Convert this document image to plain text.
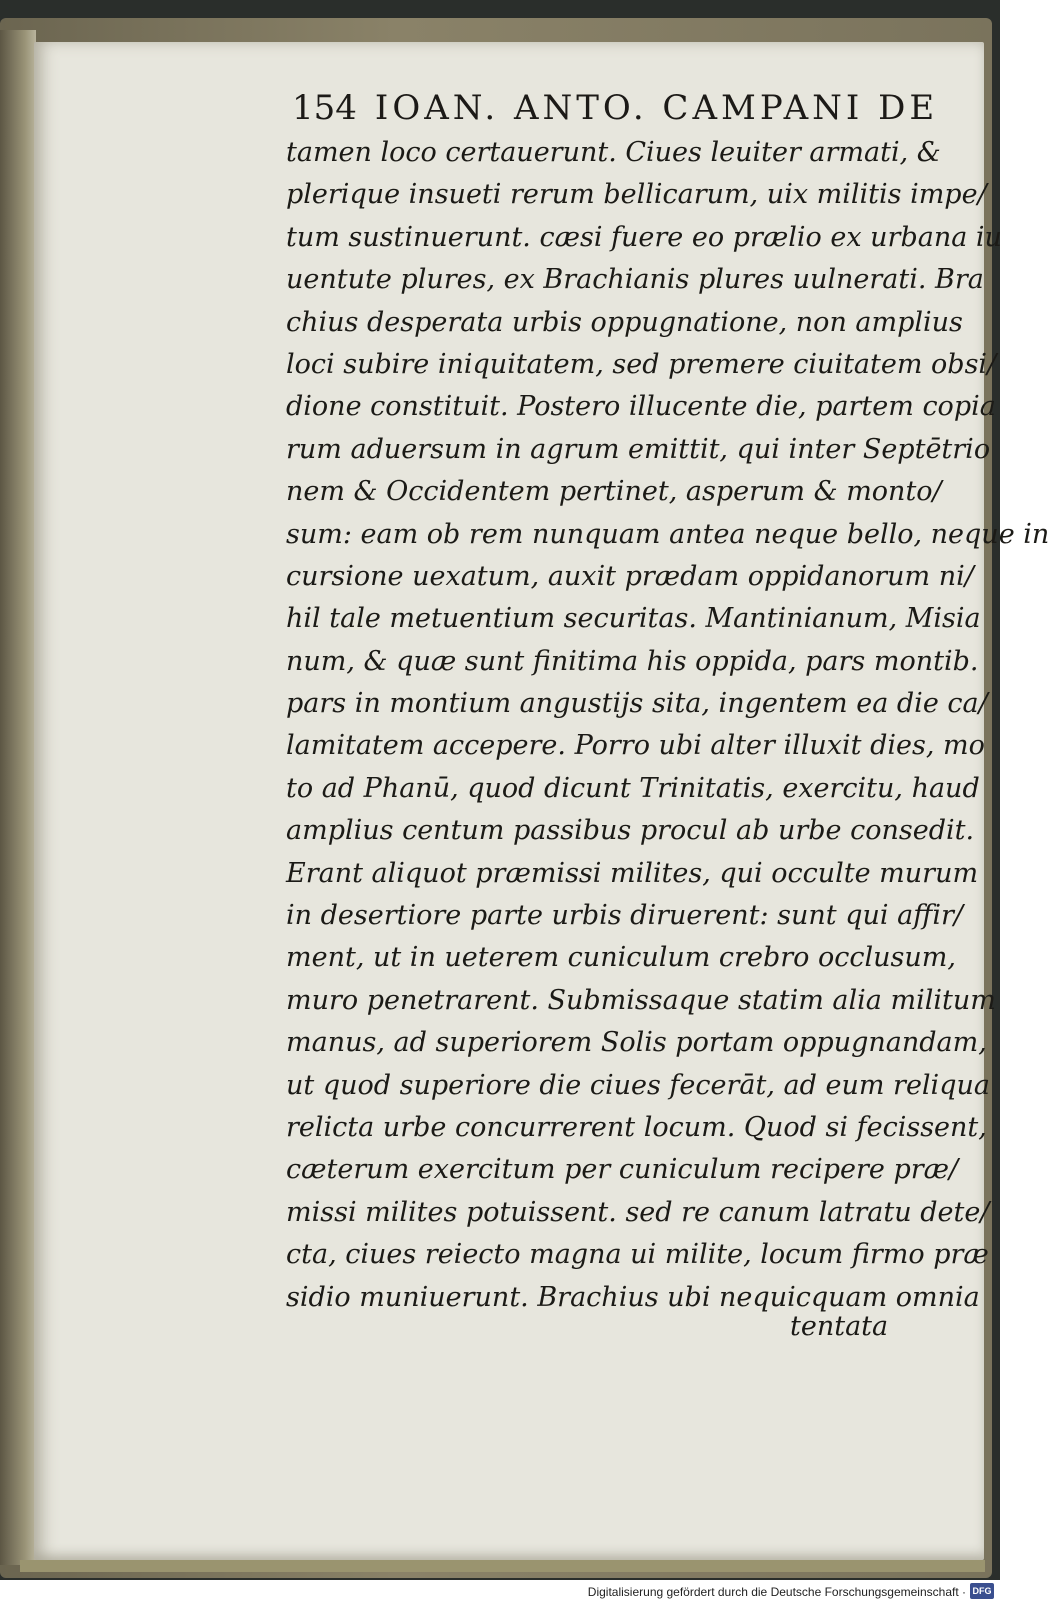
154 IOAN. ANTO. CAMPANI DE
tamen loco certauerunt. Ciues leuiter armati, &
plerique insueti rerum bellicarum, uix militis impe/
tum sustinuerunt. cæsi fuere eo prælio ex urbana iu
uentute plures, ex Brachianis plures uulnerati. Bra
chius desperata urbis oppugnatione, non amplius
loci subire iniquitatem, sed premere ciuitatem obsi/
dione constituit. Postero illucente die, partem copia
rum aduersum in agrum emittit, qui inter Septētrio
nem & Occidentem pertinet, asperum & monto/
sum: eam ob rem nunquam antea neque bello, neque in
cursione uexatum, auxit prædam oppidanorum ni/
hil tale metuentium securitas. Mantinianum, Misia
num, & quæ sunt finitima his oppida, pars montib.
pars in montium angustijs sita, ingentem ea die ca/
lamitatem accepere. Porro ubi alter illuxit dies, mo
to ad Phanū, quod dicunt Trinitatis, exercitu, haud
amplius centum passibus procul ab urbe consedit.
Erant aliquot præmissi milites, qui occulte murum
in desertiore parte urbis diruerent: sunt qui affir/
ment, ut in ueterem cuniculum crebro occlusum,
muro penetrarent. Submissaque statim alia militum
manus, ad superiorem Solis portam oppugnandam,
ut quod superiore die ciues fecerāt, ad eum reliqua
relicta urbe concurrerent locum. Quod si fecissent,
cæterum exercitum per cuniculum recipere præ/
missi milites potuissent. sed re canum latratu dete/
cta, ciues reiecto magna ui milite, locum firmo præ
sidio muniuerunt. Brachius ubi nequicquam omnia
tentata
Digitalisierung gefördert durch die Deutsche Forschungsgemeinschaft · DFG
